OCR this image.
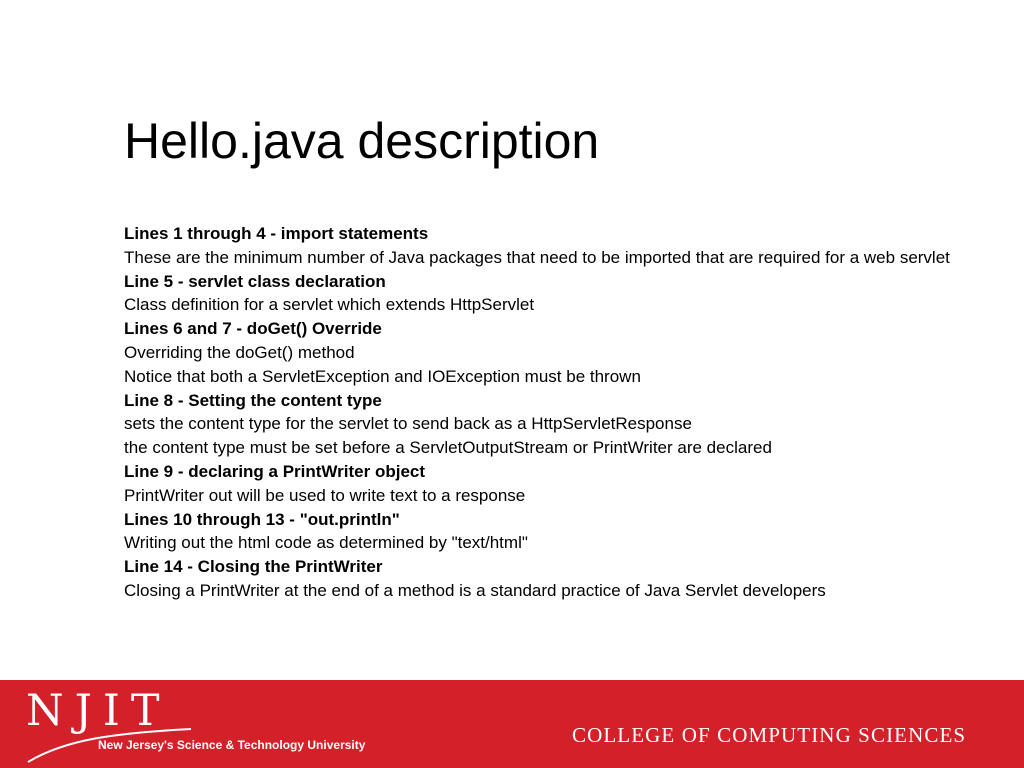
Hello.java description
Lines 1 through 4 - import statements
These are the minimum number of Java packages that need to be imported that are required for a web servlet
Line 5 - servlet class declaration
Class definition for a servlet which extends HttpServlet
Lines 6 and 7 - doGet() Override
Overriding the doGet() method
Notice that both a ServletException and IOException must be thrown
Line 8 - Setting the content type
sets the content type for the servlet to send back as a HttpServletResponse
the content type must be set before a ServletOutputStream or PrintWriter are declared
Line 9 - declaring a PrintWriter object
PrintWriter out will be used to write text to a response
Lines 10 through 13 - "out.println"
Writing out the html code as determined by "text/html"
Line 14 - Closing the PrintWriter
Closing a PrintWriter at the end of a method is a standard practice of Java Servlet developers
NJIT
New Jersey's Science & Technology University	COLLEGE OF COMPUTING SCIENCES
